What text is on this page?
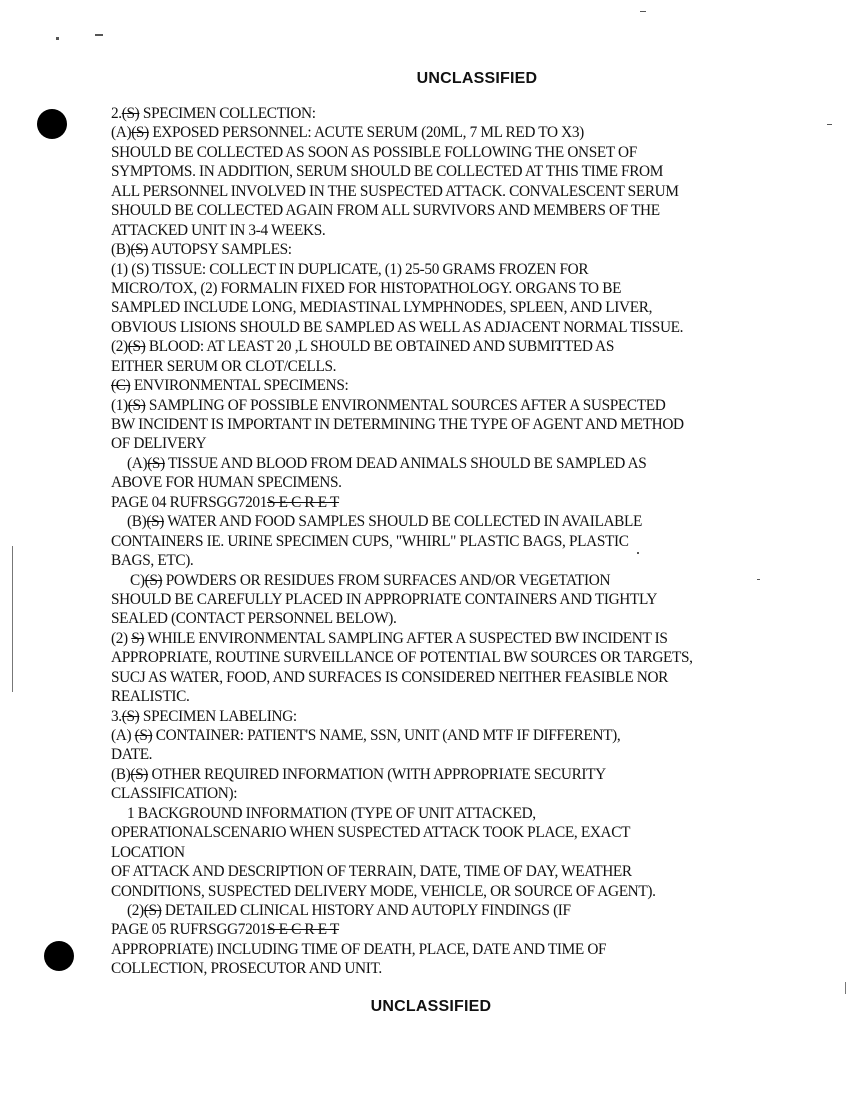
UNCLASSIFIED
2.(S) SPECIMEN COLLECTION:
(A)(S) EXPOSED PERSONNEL: ACUTE SERUM (20ML, 7 ML RED TO X3)
SHOULD BE COLLECTED AS SOON AS POSSIBLE FOLLOWING THE ONSET OF
SYMPTOMS. IN ADDITION, SERUM SHOULD BE COLLECTED AT THIS TIME FROM
ALL PERSONNEL INVOLVED IN THE SUSPECTED ATTACK. CONVALESCENT SERUM
SHOULD BE COLLECTED AGAIN FROM ALL SURVIVORS AND MEMBERS OF THE
ATTACKED UNIT IN 3-4 WEEKS.
(B)(S) AUTOPSY SAMPLES:
(1) (S) TISSUE: COLLECT IN DUPLICATE, (1) 25-50 GRAMS FROZEN FOR
MICRO/TOX, (2) FORMALIN FIXED FOR HISTOPATHOLOGY. ORGANS TO BE
SAMPLED INCLUDE LONG, MEDIASTINAL LYMPHNODES, SPLEEN, AND LIVER,
OBVIOUS LISIONS SHOULD BE SAMPLED AS WELL AS ADJACENT NORMAL TISSUE.
(2)(S) BLOOD: AT LEAST 20 ,L SHOULD BE OBTAINED AND SUBMITTED AS
EITHER SERUM OR CLOT/CELLS.
(C) ENVIRONMENTAL SPECIMENS:
(1)(S) SAMPLING OF POSSIBLE ENVIRONMENTAL SOURCES AFTER A SUSPECTED
BW INCIDENT IS IMPORTANT IN DETERMINING THE TYPE OF AGENT AND METHOD
OF DELIVERY
(A)(S) TISSUE AND BLOOD FROM DEAD ANIMALS SHOULD BE SAMPLED AS
ABOVE FOR HUMAN SPECIMENS.
PAGE 04 RUFRSGG7201S E C R E T
(B)(S) WATER AND FOOD SAMPLES SHOULD BE COLLECTED IN AVAILABLE
CONTAINERS IE. URINE SPECIMEN CUPS, "WHIRL" PLASTIC BAGS, PLASTIC
BAGS, ETC).
C)(S) POWDERS OR RESIDUES FROM SURFACES AND/OR VEGETATION
SHOULD BE CAREFULLY PLACED IN APPROPRIATE CONTAINERS AND TIGHTLY
SEALED (CONTACT PERSONNEL BELOW).
(2) S) WHILE ENVIRONMENTAL SAMPLING AFTER A SUSPECTED BW INCIDENT IS
APPROPRIATE, ROUTINE SURVEILLANCE OF POTENTIAL BW SOURCES OR TARGETS,
SUCJ AS WATER, FOOD, AND SURFACES IS CONSIDERED NEITHER FEASIBLE NOR
REALISTIC.
3.(S) SPECIMEN LABELING:
(A) (S) CONTAINER: PATIENT'S NAME, SSN, UNIT (AND MTF IF DIFFERENT),
DATE.
(B)(S) OTHER REQUIRED INFORMATION (WITH APPROPRIATE SECURITY
CLASSIFICATION):
1 BACKGROUND INFORMATION (TYPE OF UNIT ATTACKED,
OPERATIONALSCENARIO WHEN SUSPECTED ATTACK TOOK PLACE, EXACT
LOCATION
OF ATTACK AND DESCRIPTION OF TERRAIN, DATE, TIME OF DAY, WEATHER
CONDITIONS, SUSPECTED DELIVERY MODE, VEHICLE, OR SOURCE OF AGENT).
(2)(S) DETAILED CLINICAL HISTORY AND AUTOPLY FINDINGS (IF
PAGE 05 RUFRSGG7201S E C R E T
APPROPRIATE) INCLUDING TIME OF DEATH, PLACE, DATE AND TIME OF
COLLECTION, PROSECUTOR AND UNIT.
UNCLASSIFIED
